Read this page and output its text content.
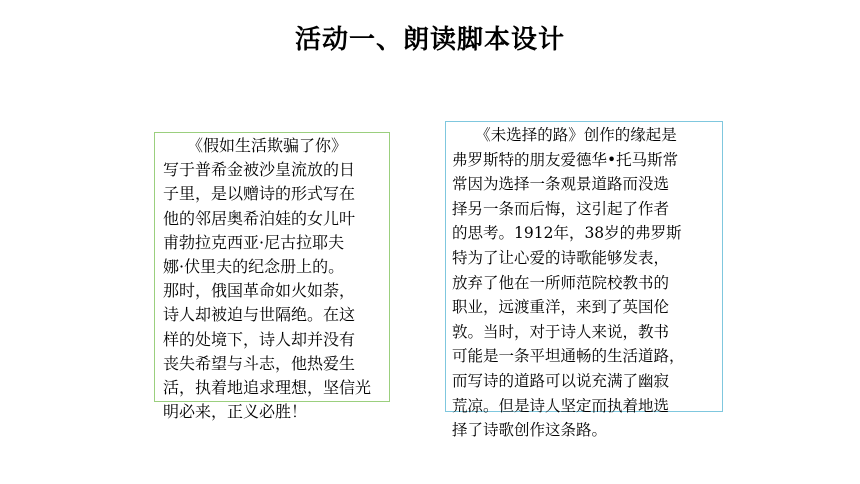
活动一、朗读脚本设计
　　《假如生活欺骗了你》
写于普希金被沙皇流放的日
子里，是以赠诗的形式写在
他的邻居奥希泊娃的女儿叶
甫勃拉克西亚·尼古拉耶夫
娜·伏里夫的纪念册上的。
那时，俄国革命如火如荼，
诗人却被迫与世隔绝。在这
样的处境下，诗人却并没有
丧失希望与斗志，他热爱生
活，执着地追求理想，坚信光
明必来，正义必胜！
　　《未选择的路》创作的缘起是
弗罗斯特的朋友爱德华•托马斯常
常因为选择一条观景道路而没选
择另一条而后悔，这引起了作者
的思考。1912年，38岁的弗罗斯
特为了让心爱的诗歌能够发表，
放弃了他在一所师范院校教书的
职业，远渡重洋，来到了英国伦
敦。当时，对于诗人来说，教书
可能是一条平坦通畅的生活道路，
而写诗的道路可以说充满了幽寂
荒凉。但是诗人坚定而执着地选
择了诗歌创作这条路。
